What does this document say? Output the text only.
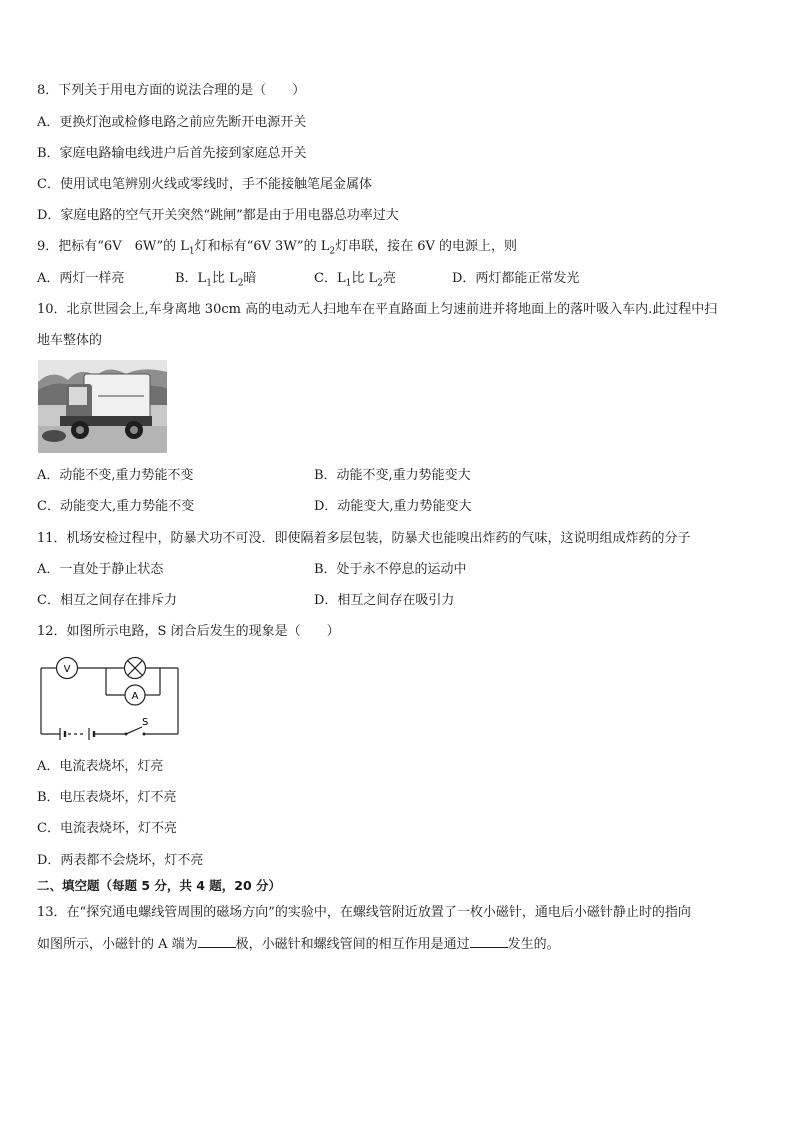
8．下列关于用电方面的说法合理的是（　　）
A．更换灯泡或检修电路之前应先断开电源开关
B．家庭电路输电线进户后首先接到家庭总开关
C．使用试电笔辨别火线或零线时，手不能接触笔尾金属体
D．家庭电路的空气开关突然“跳闸”都是由于用电器总功率过大
9．把标有“6V　6W”的 $L_1$灯和标有“6V 3W”的 $L_2$灯串联，接在 6V 的电源上，则
A．两灯一样亮	B．$L_1$比 $L_2$暗	C．$L_1$比 $L_2$亮	D．两灯都能正常发光
10．北京世园会上,车身离地 30cm 高的电动无人扫地车在平直路面上匀速前进并将地面上的落叶吸入车内.此过程中扫
地车整体的
A．动能不变,重力势能不变	B．动能不变,重力势能变大
C．动能变大,重力势能不变	D．动能变大,重力势能变大
11．机场安检过程中，防暴犬功不可没．即使隔着多层包装，防暴犬也能嗅出炸药的气味，这说明组成炸药的分子
A．一直处于静止状态	B．处于永不停息的运动中
C．相互之间存在排斥力	D．相互之间存在吸引力
12．如图所示电路，S 闭合后发生的现象是（　　）
V
A
S
A．电流表烧坏，灯亮
B．电压表烧坏，灯不亮
C．电流表烧坏，灯不亮
D．两表都不会烧坏，灯不亮
二、填空题（每题 5 分，共 4 题，20 分）
13．在“探究通电螺线管周围的磁场方向”的实验中，在螺线管附近放置了一枚小磁针，通电后小磁针静止时的指向
如图所示，小磁针的 A 端为	极，小磁针和螺线管间的相互作用是通过	发生的。
